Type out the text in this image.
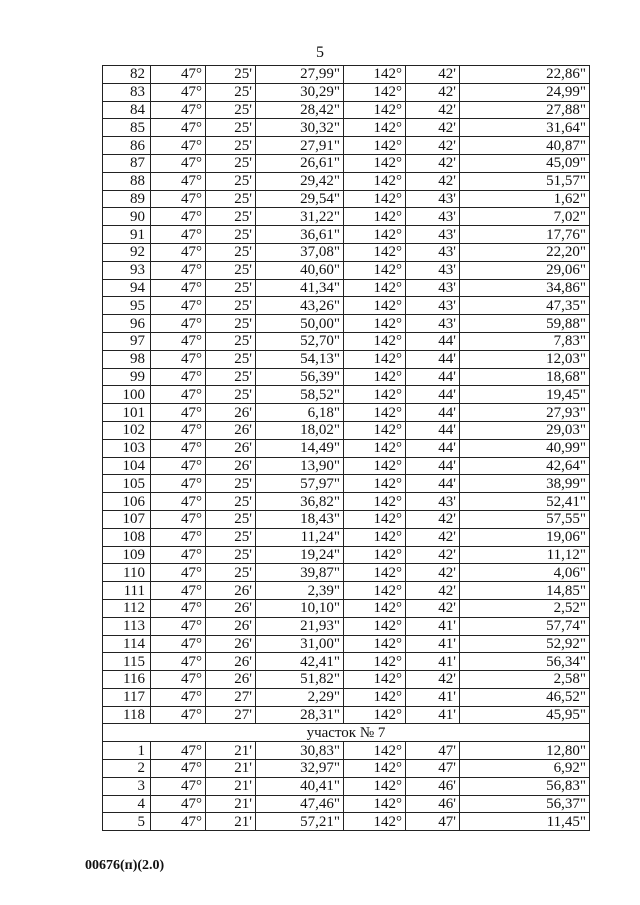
5
82	47°	25'	27,99"	142°	42'	22,86"
83	47°	25'	30,29"	142°	42'	24,99"
84	47°	25'	28,42"	142°	42'	27,88"
85	47°	25'	30,32"	142°	42'	31,64"
86	47°	25'	27,91"	142°	42'	40,87"
87	47°	25'	26,61"	142°	42'	45,09"
88	47°	25'	29,42"	142°	42'	51,57"
89	47°	25'	29,54"	142°	43'	1,62"
90	47°	25'	31,22"	142°	43'	7,02"
91	47°	25'	36,61"	142°	43'	17,76"
92	47°	25'	37,08"	142°	43'	22,20"
93	47°	25'	40,60"	142°	43'	29,06"
94	47°	25'	41,34"	142°	43'	34,86"
95	47°	25'	43,26"	142°	43'	47,35"
96	47°	25'	50,00"	142°	43'	59,88"
97	47°	25'	52,70"	142°	44'	7,83"
98	47°	25'	54,13"	142°	44'	12,03"
99	47°	25'	56,39"	142°	44'	18,68"
100	47°	25'	58,52"	142°	44'	19,45"
101	47°	26'	6,18"	142°	44'	27,93"
102	47°	26'	18,02"	142°	44'	29,03"
103	47°	26'	14,49"	142°	44'	40,99"
104	47°	26'	13,90"	142°	44'	42,64"
105	47°	25'	57,97"	142°	44'	38,99"
106	47°	25'	36,82"	142°	43'	52,41"
107	47°	25'	18,43"	142°	42'	57,55"
108	47°	25'	11,24"	142°	42'	19,06"
109	47°	25'	19,24"	142°	42'	11,12"
110	47°	25'	39,87"	142°	42'	4,06"
111	47°	26'	2,39"	142°	42'	14,85"
112	47°	26'	10,10"	142°	42'	2,52"
113	47°	26'	21,93"	142°	41'	57,74"
114	47°	26'	31,00"	142°	41'	52,92"
115	47°	26'	42,41"	142°	41'	56,34"
116	47°	26'	51,82"	142°	42'	2,58"
117	47°	27'	2,29"	142°	41'	46,52"
118	47°	27'	28,31"	142°	41'	45,95"
участок № 7						
1	47°	21'	30,83"	142°	47'	12,80"
2	47°	21'	32,97"	142°	47'	6,92"
3	47°	21'	40,41"	142°	46'	56,83"
4	47°	21'	47,46"	142°	46'	56,37"
5	47°	21'	57,21"	142°	47'	11,45"
00676(п)(2.0)
